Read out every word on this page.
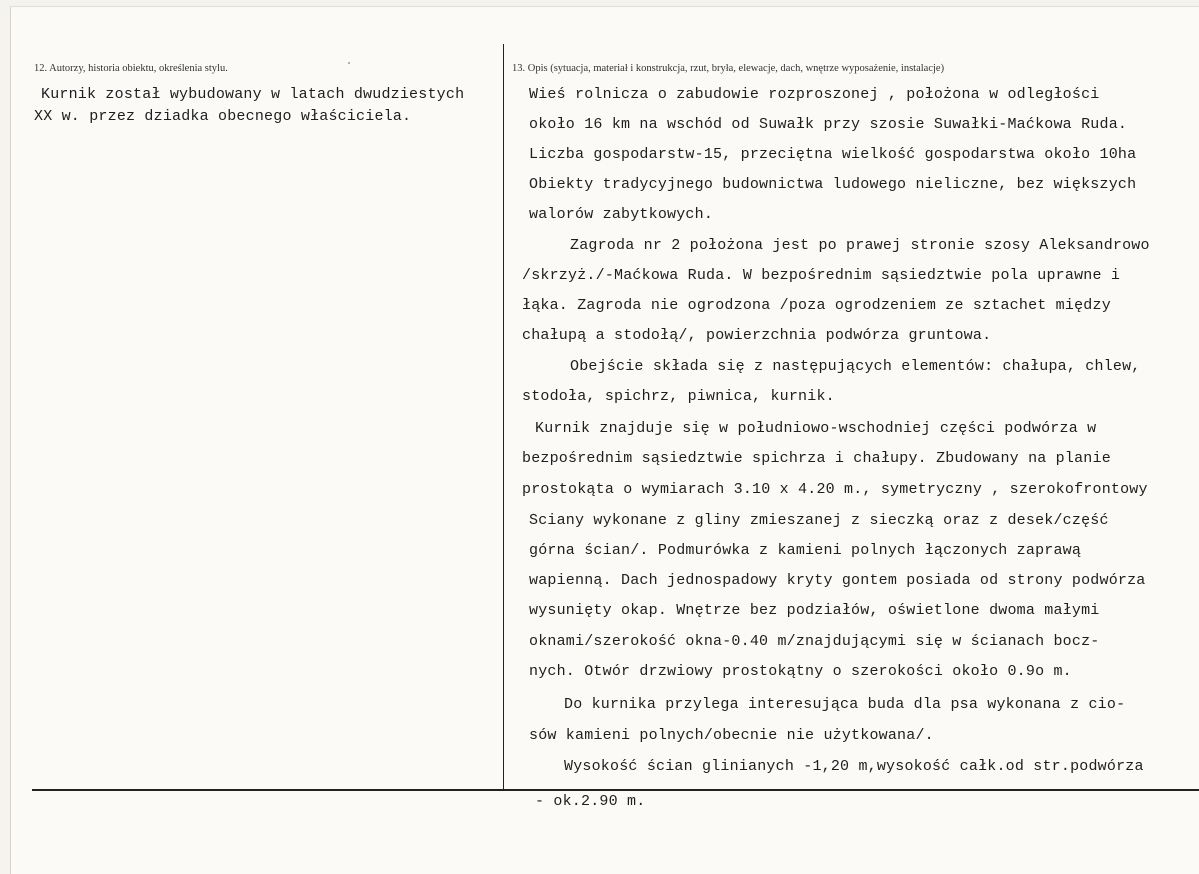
12. Autorzy, historia obiektu, określenia stylu.	13. Opis (sytuacja, materiał i konstrukcja, rzut, bryła, elewacje, dach, wnętrze wyposażenie, instalacje)
Kurnik został wybudowany w latach dwudziestych
XX w. przez dziadka obecnego właściciela.
Wieś rolnicza o zabudowie rozproszonej , położona w odległości
około 16 km na wschód od Suwałk przy szosie Suwałki-Maćkowa Ruda.
Liczba gospodarstw-15, przeciętna wielkość gospodarstwa około 10ha
Obiekty tradycyjnego budownictwa ludowego nieliczne, bez większych
walorów zabytkowych.
Zagroda nr 2 położona jest po prawej stronie szosy Aleksandrowo
/skrzyż./-Maćkowa Ruda. W bezpośrednim sąsiedztwie pola uprawne i
łąka. Zagroda nie ogrodzona /poza ogrodzeniem ze sztachet między
chałupą a stodołą/, powierzchnia podwórza gruntowa.
Obejście składa się z następujących elementów: chałupa, chlew,
stodoła, spichrz, piwnica, kurnik.
Kurnik znajduje się w południowo-wschodniej części podwórza w
bezpośrednim sąsiedztwie spichrza i chałupy. Zbudowany na planie
prostokąta o wymiarach 3.10 x 4.20 m., symetryczny , szerokofrontowy
Ściany wykonane z gliny zmieszanej z sieczką oraz z desek/część
górna ścian/. Podmurówka z kamieni polnych łączonych zaprawą
wapienną. Dach jednospadowy kryty gontem posiada od strony podwórza
wysunięty okap. Wnętrze bez podziałów, oświetlone dwoma małymi
oknami/szerokość okna-0.40 m/znajdującymi się w ścianach bocz-
nych. Otwór drzwiowy prostokątny o szerokości około 0.9o m.
Do kurnika przylega interesująca buda dla psa wykonana z cio-
sów kamieni polnych/obecnie nie użytkowana/.
Wysokość ścian glinianych -1,20 m,wysokość całk.od str.podwórza
- ok.2.90 m.
